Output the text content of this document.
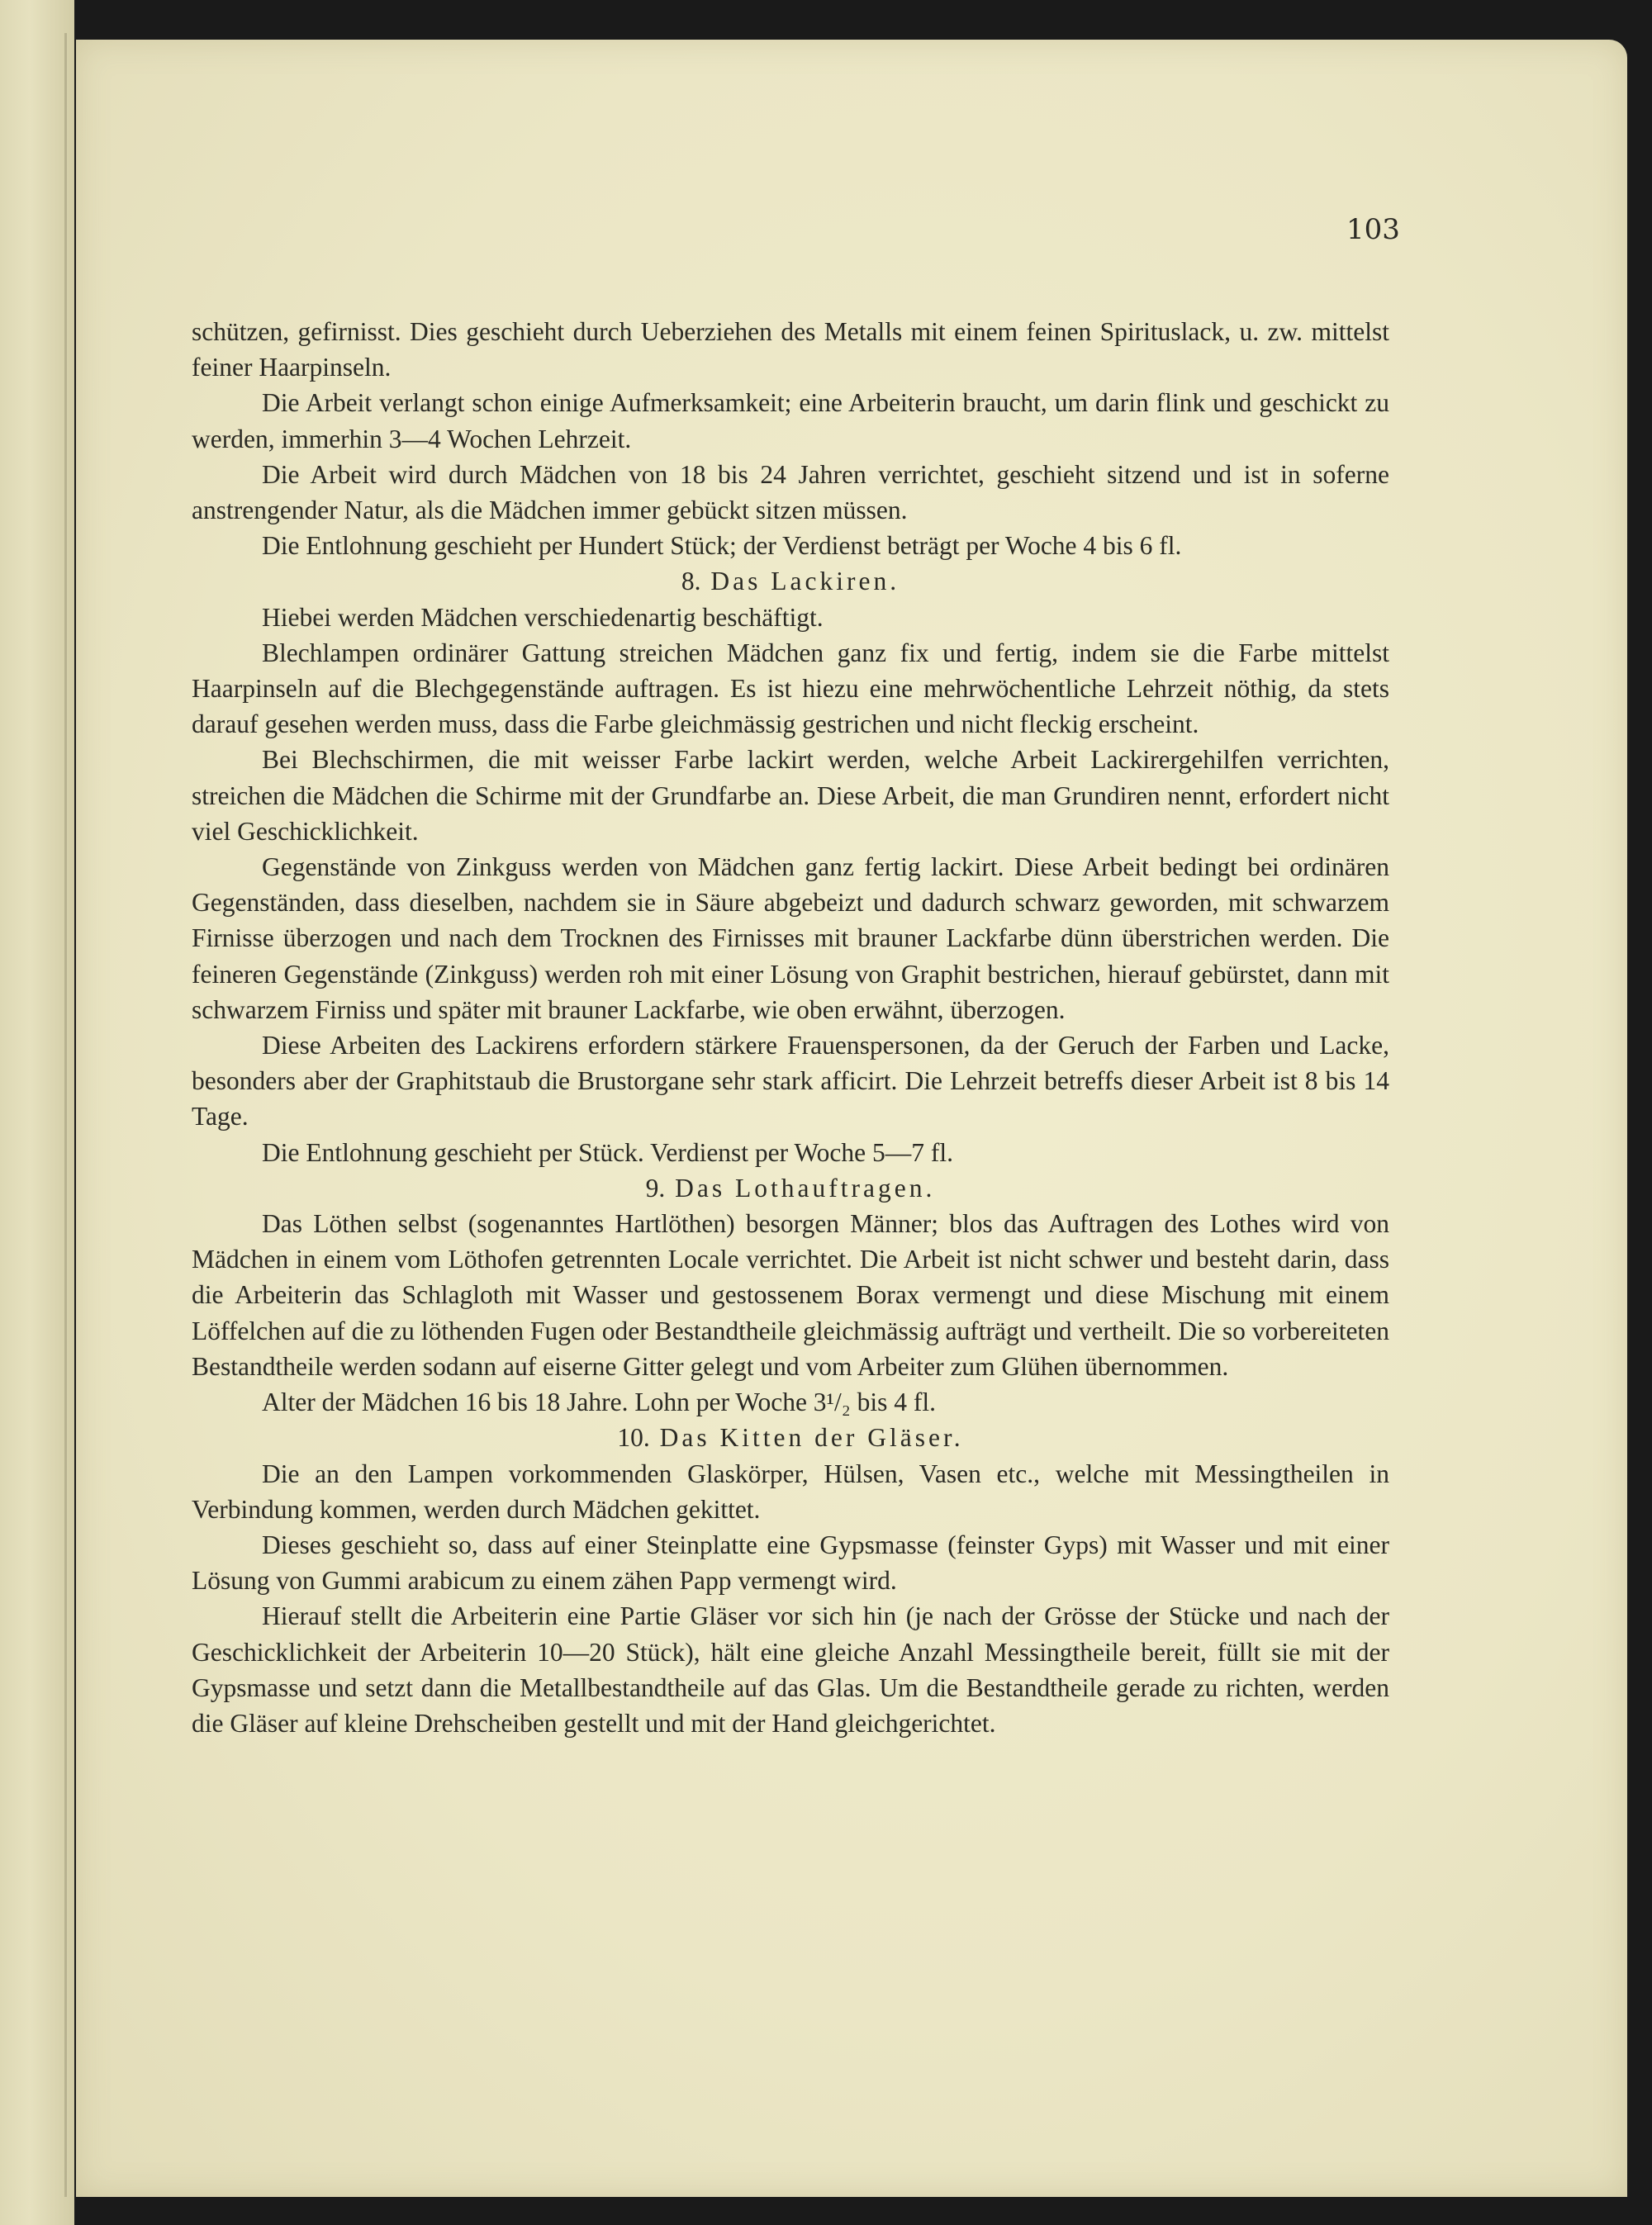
103

schützen, gefirnisst. Dies geschieht durch Ueberziehen des Metalls mit einem feinen Spirituslack, u. zw. mittelst feiner Haarpinseln.

Die Arbeit verlangt schon einige Aufmerksamkeit; eine Arbeiterin braucht, um darin flink und geschickt zu werden, immerhin 3—4 Wochen Lehrzeit.

Die Arbeit wird durch Mädchen von 18 bis 24 Jahren verrichtet, geschieht sitzend und ist in soferne anstrengender Natur, als die Mädchen immer gebückt sitzen müssen.

Die Entlohnung geschieht per Hundert Stück; der Verdienst beträgt per Woche 4 bis 6 fl.

8. Das Lackiren.

Hiebei werden Mädchen verschiedenartig beschäftigt.

Blechlampen ordinärer Gattung streichen Mädchen ganz fix und fertig, indem sie die Farbe mittelst Haarpinseln auf die Blechgegenstände auftragen. Es ist hiezu eine mehrwöchentliche Lehrzeit nöthig, da stets darauf gesehen werden muss, dass die Farbe gleichmässig gestrichen und nicht fleckig erscheint.

Bei Blechschirmen, die mit weisser Farbe lackirt werden, welche Arbeit Lackirergehilfen verrichten, streichen die Mädchen die Schirme mit der Grundfarbe an. Diese Arbeit, die man Grundiren nennt, erfordert nicht viel Geschicklichkeit.

Gegenstände von Zinkguss werden von Mädchen ganz fertig lackirt. Diese Arbeit bedingt bei ordinären Gegenständen, dass dieselben, nachdem sie in Säure abgebeizt und dadurch schwarz geworden, mit schwarzem Firnisse überzogen und nach dem Trocknen des Firnisses mit brauner Lackfarbe dünn überstrichen werden. Die feineren Gegenstände (Zinkguss) werden roh mit einer Lösung von Graphit bestrichen, hierauf gebürstet, dann mit schwarzem Firniss und später mit brauner Lackfarbe, wie oben erwähnt, überzogen.

Diese Arbeiten des Lackirens erfordern stärkere Frauenspersonen, da der Geruch der Farben und Lacke, besonders aber der Graphitstaub die Brustorgane sehr stark afficirt. Die Lehrzeit betreffs dieser Arbeit ist 8 bis 14 Tage.

Die Entlohnung geschieht per Stück. Verdienst per Woche 5—7 fl.

9. Das Lothauftragen.

Das Löthen selbst (sogenanntes Hartlöthen) besorgen Männer; blos das Auftragen des Lothes wird von Mädchen in einem vom Löthofen getrennten Locale verrichtet. Die Arbeit ist nicht schwer und besteht darin, dass die Arbeiterin das Schlagloth mit Wasser und gestossenem Borax vermengt und diese Mischung mit einem Löffelchen auf die zu löthenden Fugen oder Bestandtheile gleichmässig aufträgt und vertheilt. Die so vorbereiteten Bestandtheile werden sodann auf eiserne Gitter gelegt und vom Arbeiter zum Glühen übernommen.

Alter der Mädchen 16 bis 18 Jahre. Lohn per Woche 3¹/₂ bis 4 fl.

10. Das Kitten der Gläser.

Die an den Lampen vorkommenden Glaskörper, Hülsen, Vasen etc., welche mit Messingtheilen in Verbindung kommen, werden durch Mädchen gekittet.

Dieses geschieht so, dass auf einer Steinplatte eine Gypsmasse (feinster Gyps) mit Wasser und mit einer Lösung von Gummi arabicum zu einem zähen Papp vermengt wird.

Hierauf stellt die Arbeiterin eine Partie Gläser vor sich hin (je nach der Grösse der Stücke und nach der Geschicklichkeit der Arbeiterin 10—20 Stück), hält eine gleiche Anzahl Messingtheile bereit, füllt sie mit der Gypsmasse und setzt dann die Metallbestandtheile auf das Glas. Um die Bestandtheile gerade zu richten, werden die Gläser auf kleine Drehscheiben gestellt und mit der Hand gleichgerichtet.
